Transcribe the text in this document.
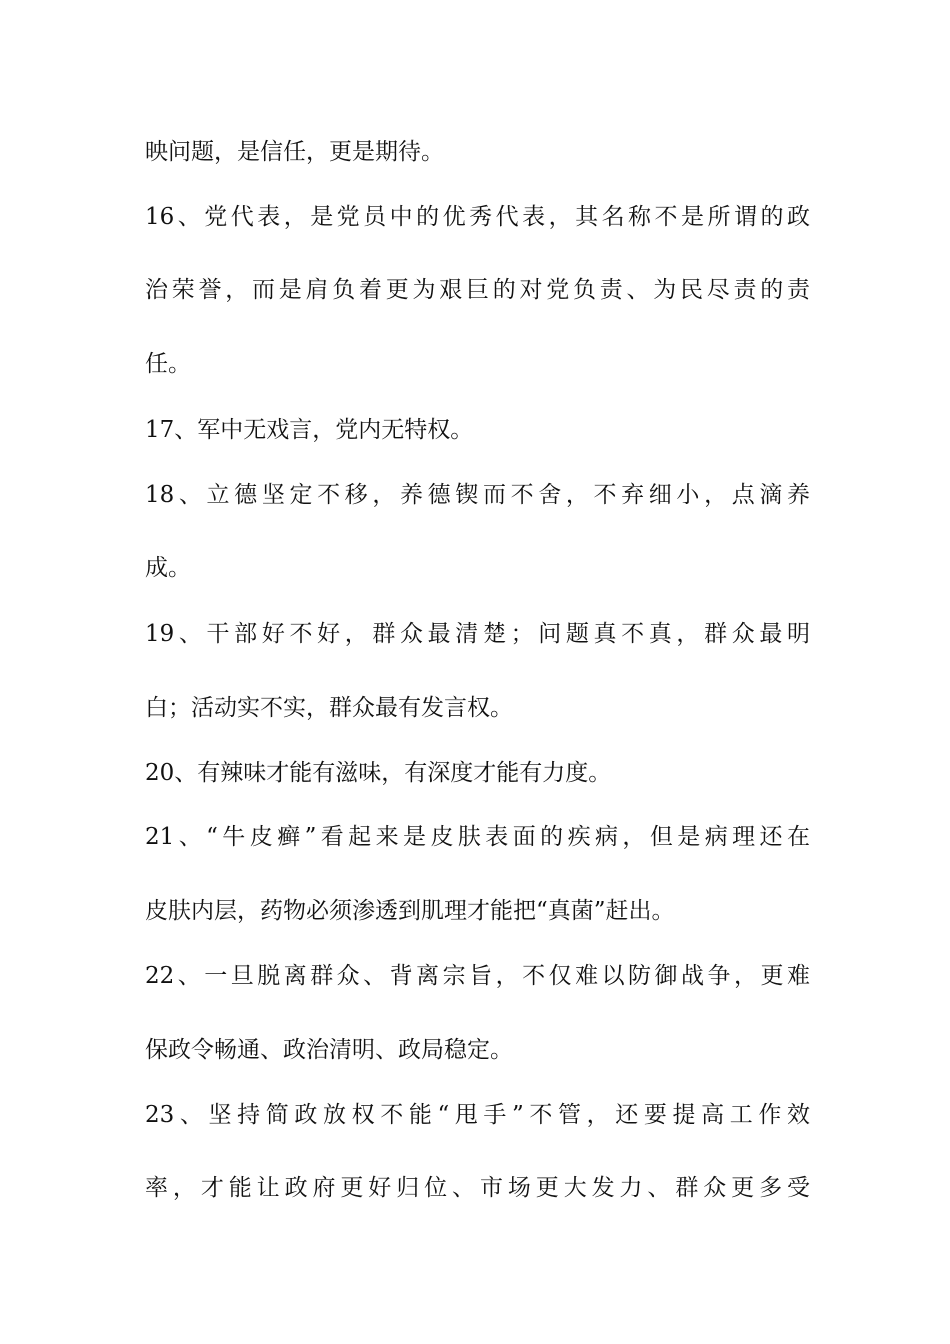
映问题，是信任，更是期待。
16、党代表，是党员中的优秀代表，其名称不是所谓的政
治荣誉，而是肩负着更为艰巨的对党负责、为民尽责的责
任。
17、军中无戏言，党内无特权。
18、立德坚定不移，养德锲而不舍，不弃细小，点滴养
成。
19、干部好不好，群众最清楚；问题真不真，群众最明
白；活动实不实，群众最有发言权。
20、有辣味才能有滋味，有深度才能有力度。
21、“牛皮癣”看起来是皮肤表面的疾病，但是病理还在
皮肤内层，药物必须渗透到肌理才能把“真菌”赶出。
22、一旦脱离群众、背离宗旨，不仅难以防御战争，更难
保政令畅通、政治清明、政局稳定。
23、坚持简政放权不能“甩手”不管，还要提高工作效
率，才能让政府更好归位、市场更大发力、群众更多受
